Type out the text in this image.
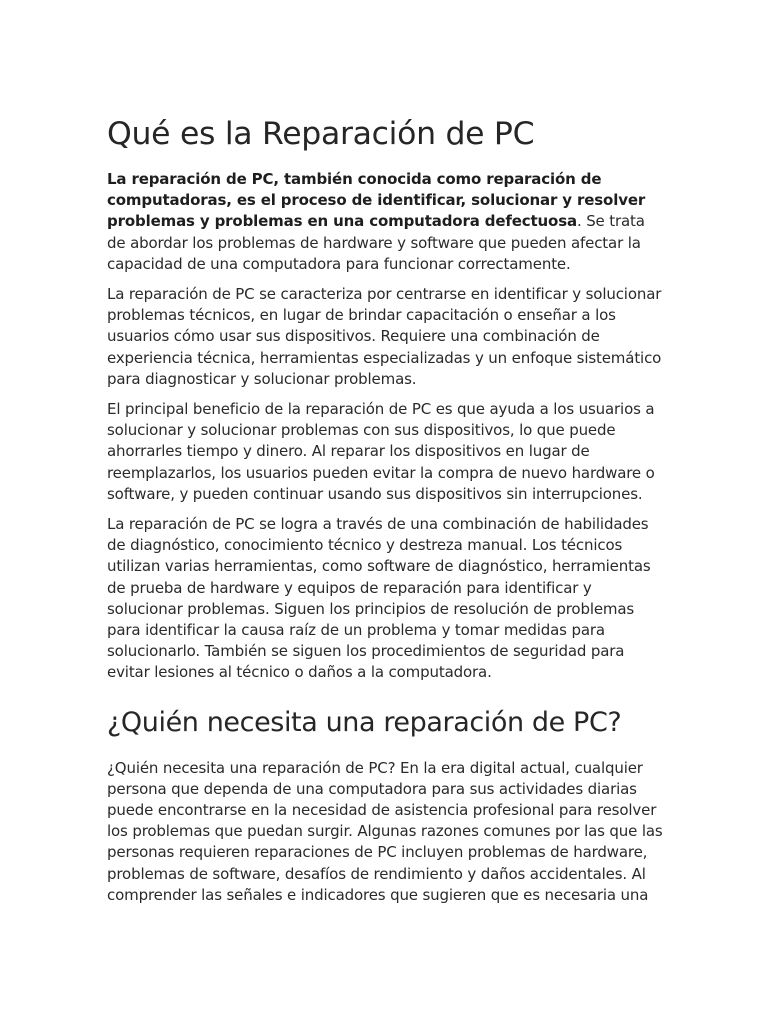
Qué es la Reparación de PC

La reparación de PC, también conocida como reparación de computadoras, es el proceso de identificar, solucionar y resolver problemas y problemas en una computadora defectuosa. Se trata de abordar los problemas de hardware y software que pueden afectar la capacidad de una computadora para funcionar correctamente.

La reparación de PC se caracteriza por centrarse en identificar y solucionar problemas técnicos, en lugar de brindar capacitación o enseñar a los usuarios cómo usar sus dispositivos. Requiere una combinación de experiencia técnica, herramientas especializadas y un enfoque sistemático para diagnosticar y solucionar problemas.

El principal beneficio de la reparación de PC es que ayuda a los usuarios a solucionar y solucionar problemas con sus dispositivos, lo que puede ahorrarles tiempo y dinero. Al reparar los dispositivos en lugar de reemplazarlos, los usuarios pueden evitar la compra de nuevo hardware o software, y pueden continuar usando sus dispositivos sin interrupciones.

La reparación de PC se logra a través de una combinación de habilidades de diagnóstico, conocimiento técnico y destreza manual. Los técnicos utilizan varias herramientas, como software de diagnóstico, herramientas de prueba de hardware y equipos de reparación para identificar y solucionar problemas. Siguen los principios de resolución de problemas para identificar la causa raíz de un problema y tomar medidas para solucionarlo. También se siguen los procedimientos de seguridad para evitar lesiones al técnico o daños a la computadora.

¿Quién necesita una reparación de PC?

¿Quién necesita una reparación de PC? En la era digital actual, cualquier persona que dependa de una computadora para sus actividades diarias puede encontrarse en la necesidad de asistencia profesional para resolver los problemas que puedan surgir. Algunas razones comunes por las que las personas requieren reparaciones de PC incluyen problemas de hardware, problemas de software, desafíos de rendimiento y daños accidentales. Al comprender las señales e indicadores que sugieren que es necesaria una
